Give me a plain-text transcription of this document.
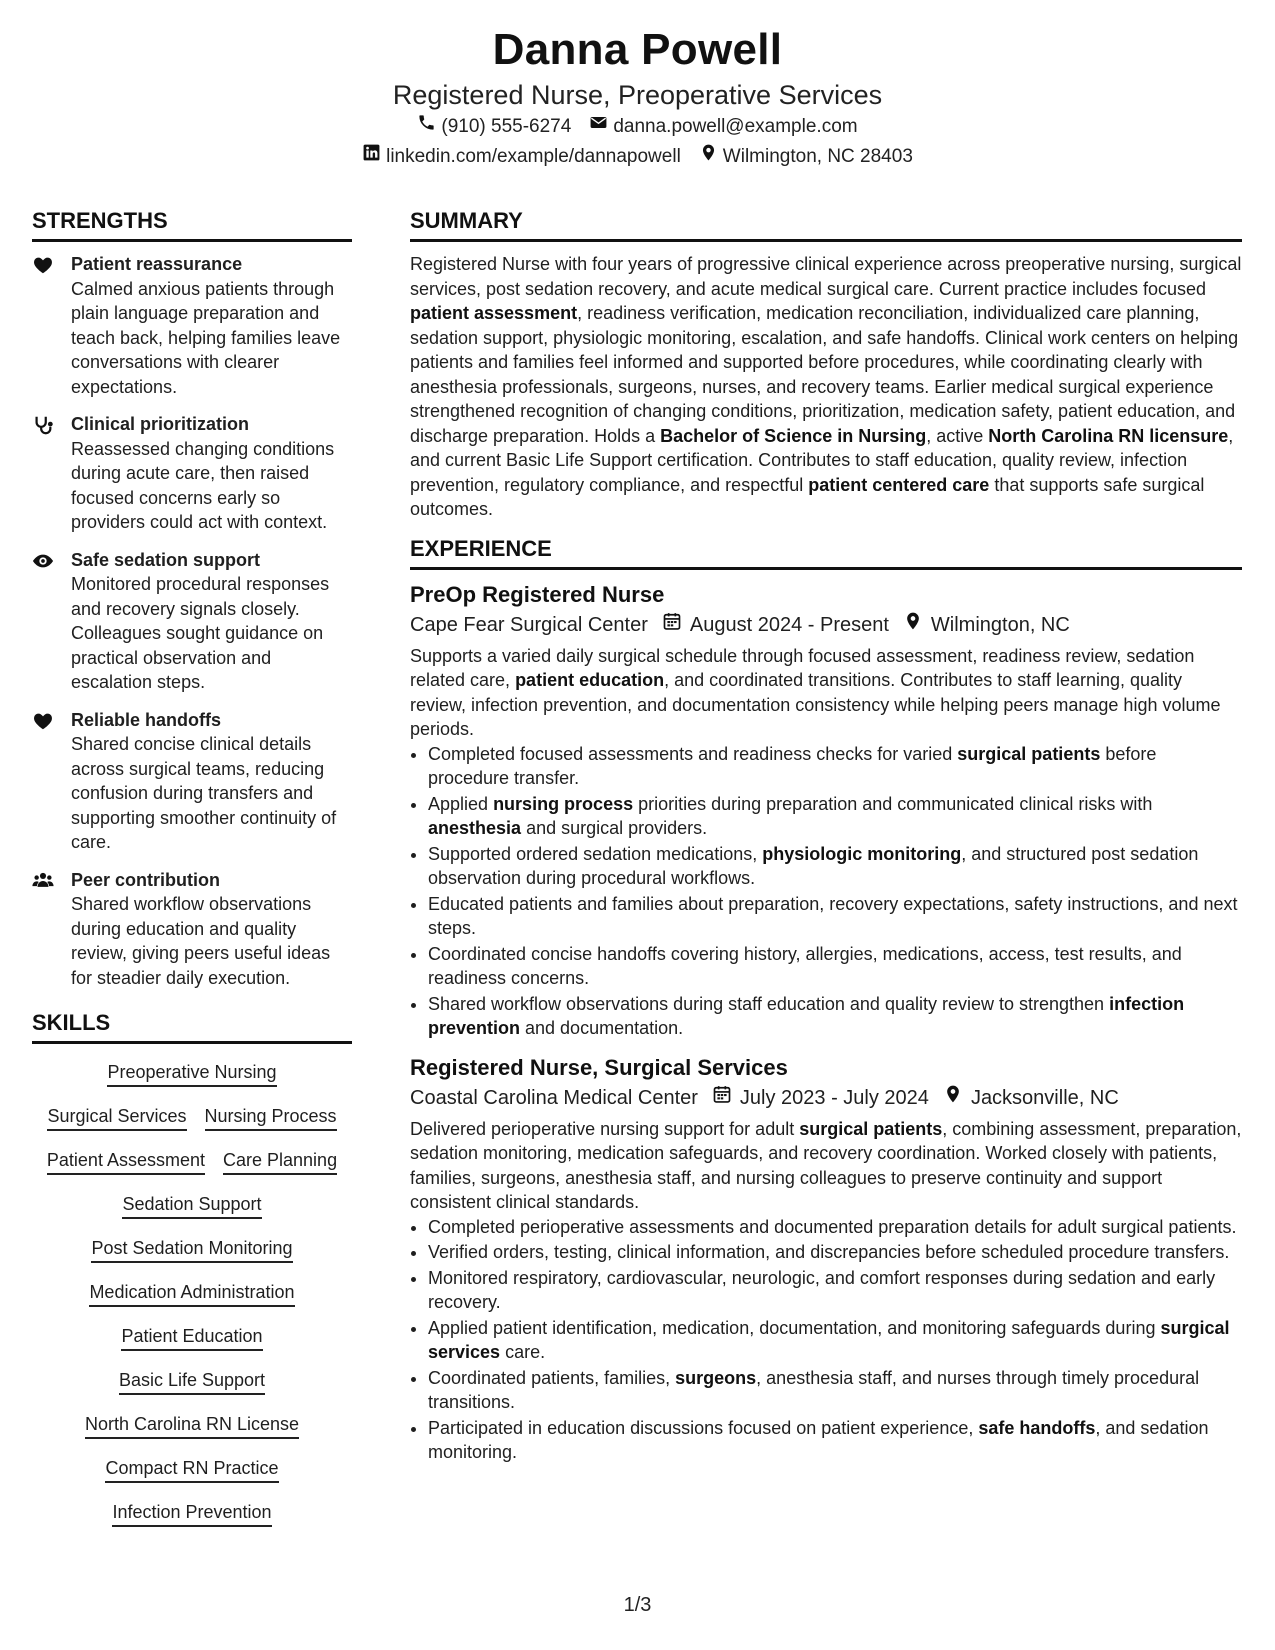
Danna Powell
Registered Nurse, Preoperative Services
(910) 555-6274 danna.powell@example.com
linkedin.com/example/dannapowell Wilmington, NC 28403
STRENGTHS
Patient reassurance
Calmed anxious patients through plain language preparation and teach back, helping families leave conversations with clearer expectations.
Clinical prioritization
Reassessed changing conditions during acute care, then raised focused concerns early so providers could act with context.
Safe sedation support
Monitored procedural responses and recovery signals closely. Colleagues sought guidance on practical observation and escalation steps.
Reliable handoffs
Shared concise clinical details across surgical teams, reducing confusion during transfers and supporting smoother continuity of care.
Peer contribution
Shared workflow observations during education and quality review, giving peers useful ideas for steadier daily execution.
SKILLS
Preoperative Nursing
Surgical Services Nursing Process
Patient Assessment Care Planning
Sedation Support
Post Sedation Monitoring
Medication Administration
Patient Education
Basic Life Support
North Carolina RN License
Compact RN Practice
Infection Prevention
SUMMARY

Registered Nurse with four years of progressive clinical experience across preoperative nursing, surgical services, post sedation recovery, and acute medical surgical care. Current practice includes focused patient assessment, readiness verification, medication reconciliation, individualized care planning, sedation support, physiologic monitoring, escalation, and safe handoffs. Clinical work centers on helping patients and families feel informed and supported before procedures, while coordinating clearly with anesthesia professionals, surgeons, nurses, and recovery teams. Earlier medical surgical experience strengthened recognition of changing conditions, prioritization, medication safety, patient education, and discharge preparation. Holds a Bachelor of Science in Nursing, active North Carolina RN licensure, and current Basic Life Support certification. Contributes to staff education, quality review, infection prevention, regulatory compliance, and respectful patient centered care that supports safe surgical outcomes.

EXPERIENCE
PreOp Registered Nurse
Cape Fear Surgical Center August 2024 - Present Wilmington, NC

Supports a varied daily surgical schedule through focused assessment, readiness review, sedation related care, patient education, and coordinated transitions. Contributes to staff learning, quality review, infection prevention, and documentation consistency while helping peers manage high volume periods.

• Completed focused assessments and readiness checks for varied surgical patients before procedure transfer.
• Applied nursing process priorities during preparation and communicated clinical risks with anesthesia and surgical providers.
• Supported ordered sedation medications, physiologic monitoring, and structured post sedation observation during procedural workflows.
• Educated patients and families about preparation, recovery expectations, safety instructions, and next steps.
• Coordinated concise handoffs covering history, allergies, medications, access, test results, and readiness concerns.
• Shared workflow observations during staff education and quality review to strengthen infection prevention and documentation.
Registered Nurse, Surgical Services
Coastal Carolina Medical Center July 2023 - July 2024 Jacksonville, NC

Delivered perioperative nursing support for adult surgical patients, combining assessment, preparation, sedation monitoring, medication safeguards, and recovery coordination. Worked closely with patients, families, surgeons, anesthesia staff, and nursing colleagues to preserve continuity and support consistent clinical standards.

• Completed perioperative assessments and documented preparation details for adult surgical patients.
• Verified orders, testing, clinical information, and discrepancies before scheduled procedure transfers.
• Monitored respiratory, cardiovascular, neurologic, and comfort responses during sedation and early recovery.
• Applied patient identification, medication, documentation, and monitoring safeguards during surgical services care.
• Coordinated patients, families, surgeons, anesthesia staff, and nurses through timely procedural transitions.
• Participated in education discussions focused on patient experience, safe handoffs, and sedation monitoring.
1/3
